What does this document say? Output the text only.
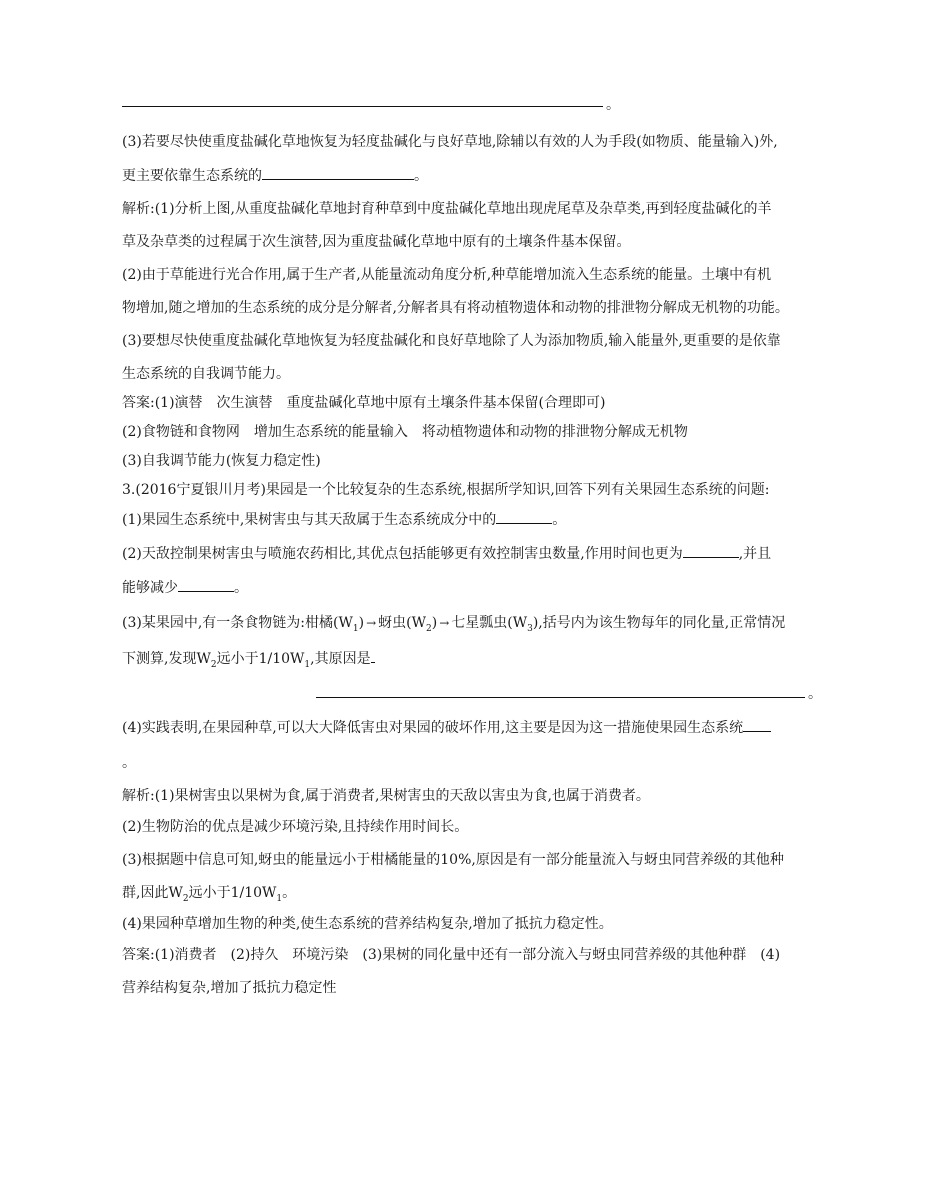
。

(3)若要尽快使重度盐碱化草地恢复为轻度盐碱化与良好草地,除辅以有效的人为手段(如物质、能量输入)外,

更主要依靠生态系统的	。

解析:(1)分析上图,从重度盐碱化草地封育种草到中度盐碱化草地出现虎尾草及杂草类,再到轻度盐碱化的羊

草及杂草类的过程属于次生演替,因为重度盐碱化草地中原有的土壤条件基本保留。

(2)由于草能进行光合作用,属于生产者,从能量流动角度分析,种草能增加流入生态系统的能量。土壤中有机

物增加,随之增加的生态系统的成分是分解者,分解者具有将动植物遗体和动物的排泄物分解成无机物的功能。

(3)要想尽快使重度盐碱化草地恢复为轻度盐碱化和良好草地除了人为添加物质,输入能量外,更重要的是依靠

生态系统的自我调节能力。

答案:(1)演替　次生演替　重度盐碱化草地中原有土壤条件基本保留(合理即可)

(2)食物链和食物网　增加生态系统的能量输入　将动植物遗体和动物的排泄物分解成无机物

(3)自我调节能力(恢复力稳定性)

3.(2016宁夏银川月考)果园是一个比较复杂的生态系统,根据所学知识,回答下列有关果园生态系统的问题:

(1)果园生态系统中,果树害虫与其天敌属于生态系统成分中的	。

(2)天敌控制果树害虫与喷施农药相比,其优点包括能够更有效控制害虫数量,作用时间也更为	,并且

能够减少	。

(3)某果园中,有一条食物链为:柑橘$(W_1)$ → 蚜虫$(W_2)$ → 七星瓢虫$(W_3)$,括号内为该生物每年的同化量,正常情况

下测算,发现$W_2$远小于$1/10W_1$,其原因是

。

(4)实践表明,在果园种草,可以大大降低害虫对果园的破坏作用,这主要是因为这一措施使果园生态系统

。

解析:(1)果树害虫以果树为食,属于消费者,果树害虫的天敌以害虫为食,也属于消费者。

(2)生物防治的优点是减少环境污染,且持续作用时间长。

(3)根据题中信息可知,蚜虫的能量远小于柑橘能量的10%,原因是有一部分能量流入与蚜虫同营养级的其他种

群,因此$W_2$远小于$1/10W_1$。

(4)果园种草增加生物的种类,使生态系统的营养结构复杂,增加了抵抗力稳定性。

答案:(1)消费者　(2)持久　环境污染　(3)果树的同化量中还有一部分流入与蚜虫同营养级的其他种群　(4)

营养结构复杂,增加了抵抗力稳定性
